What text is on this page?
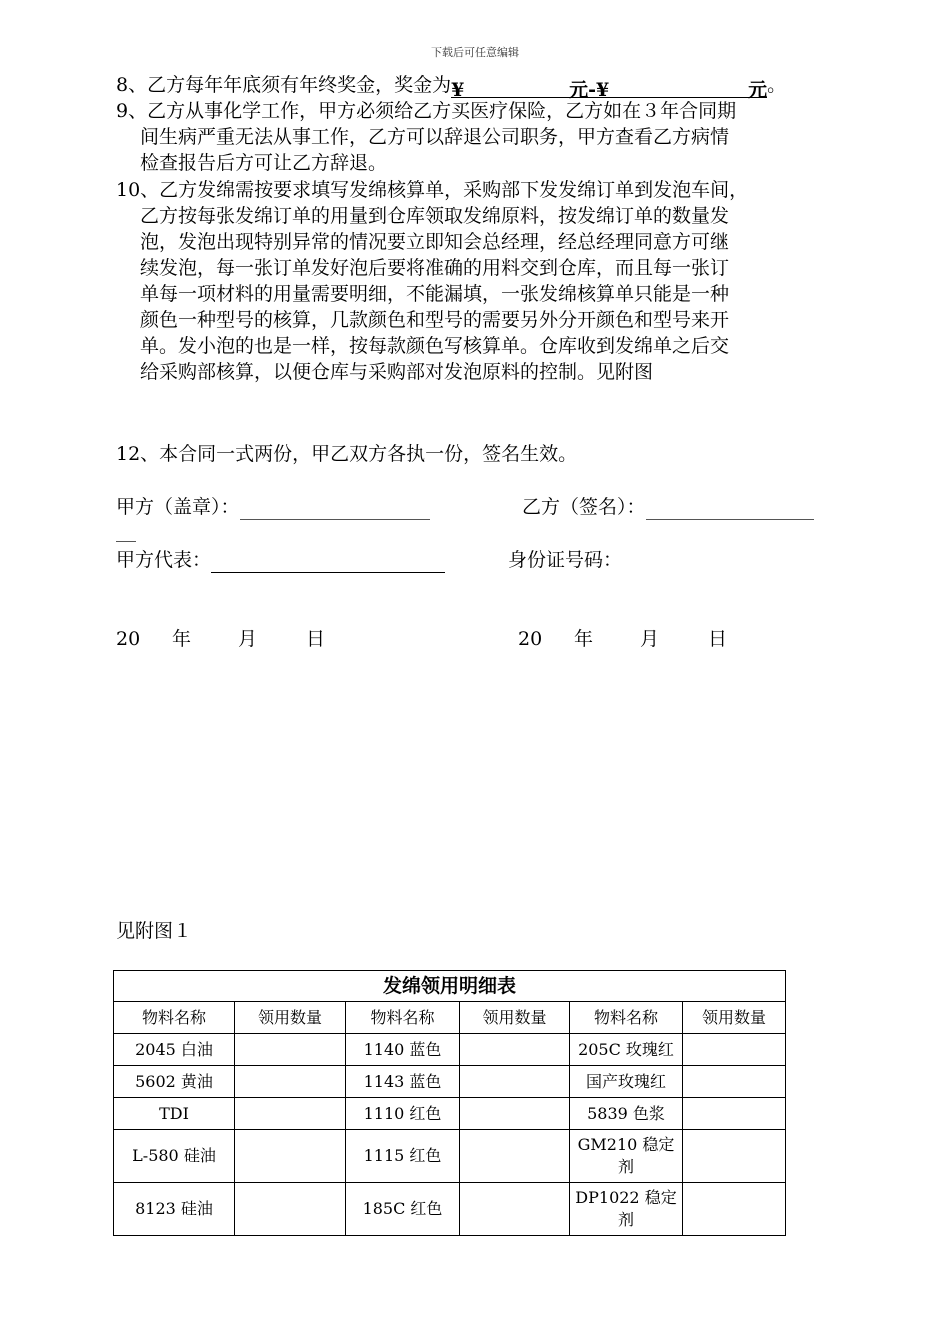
下载后可任意编辑
8、乙方每年年底须有年终奖金，奖金为¥	元-¥	元。
9、乙方从事化学工作，甲方必须给乙方买医疗保险，乙方如在３年合同期
间生病严重无法从事工作，乙方可以辞退公司职务，甲方查看乙方病情
检查报告后方可让乙方辞退。
10、乙方发绵需按要求填写发绵核算单，采购部下发发绵订单到发泡车间，
乙方按每张发绵订单的用量到仓库领取发绵原料，按发绵订单的数量发
泡，发泡出现特别异常的情况要立即知会总经理，经总经理同意方可继
续发泡，每一张订单发好泡后要将准确的用料交到仓库，而且每一张订
单每一项材料的用量需要明细，不能漏填，一张发绵核算单只能是一种
颜色一种型号的核算，几款颜色和型号的需要另外分开颜色和型号来开
单。发小泡的也是一样，按每款颜色写核算单。仓库收到发绵单之后交
给采购部核算，以便仓库与采购部对发泡原料的控制。见附图
12、本合同一式两份，甲乙双方各执一份，签名生效。
甲方（盖章）：	乙方（签名）：
甲方代表：	身份证号码：
20 年 月	日	20 年 月	日
见附图１
发绵领用明细表					
物料名称	领用数量	物料名称	领用数量	物料名称	领用数量
2045 白油		1140 蓝色		205C 玫瑰红	
5602 黄油		1143 蓝色		国产玫瑰红	
TDI		1110 红色		5839 色浆	
L-580 硅油		1115 红色		GM210 稳定剂	
8123 硅油		185C 红色		DP1022 稳定剂	
